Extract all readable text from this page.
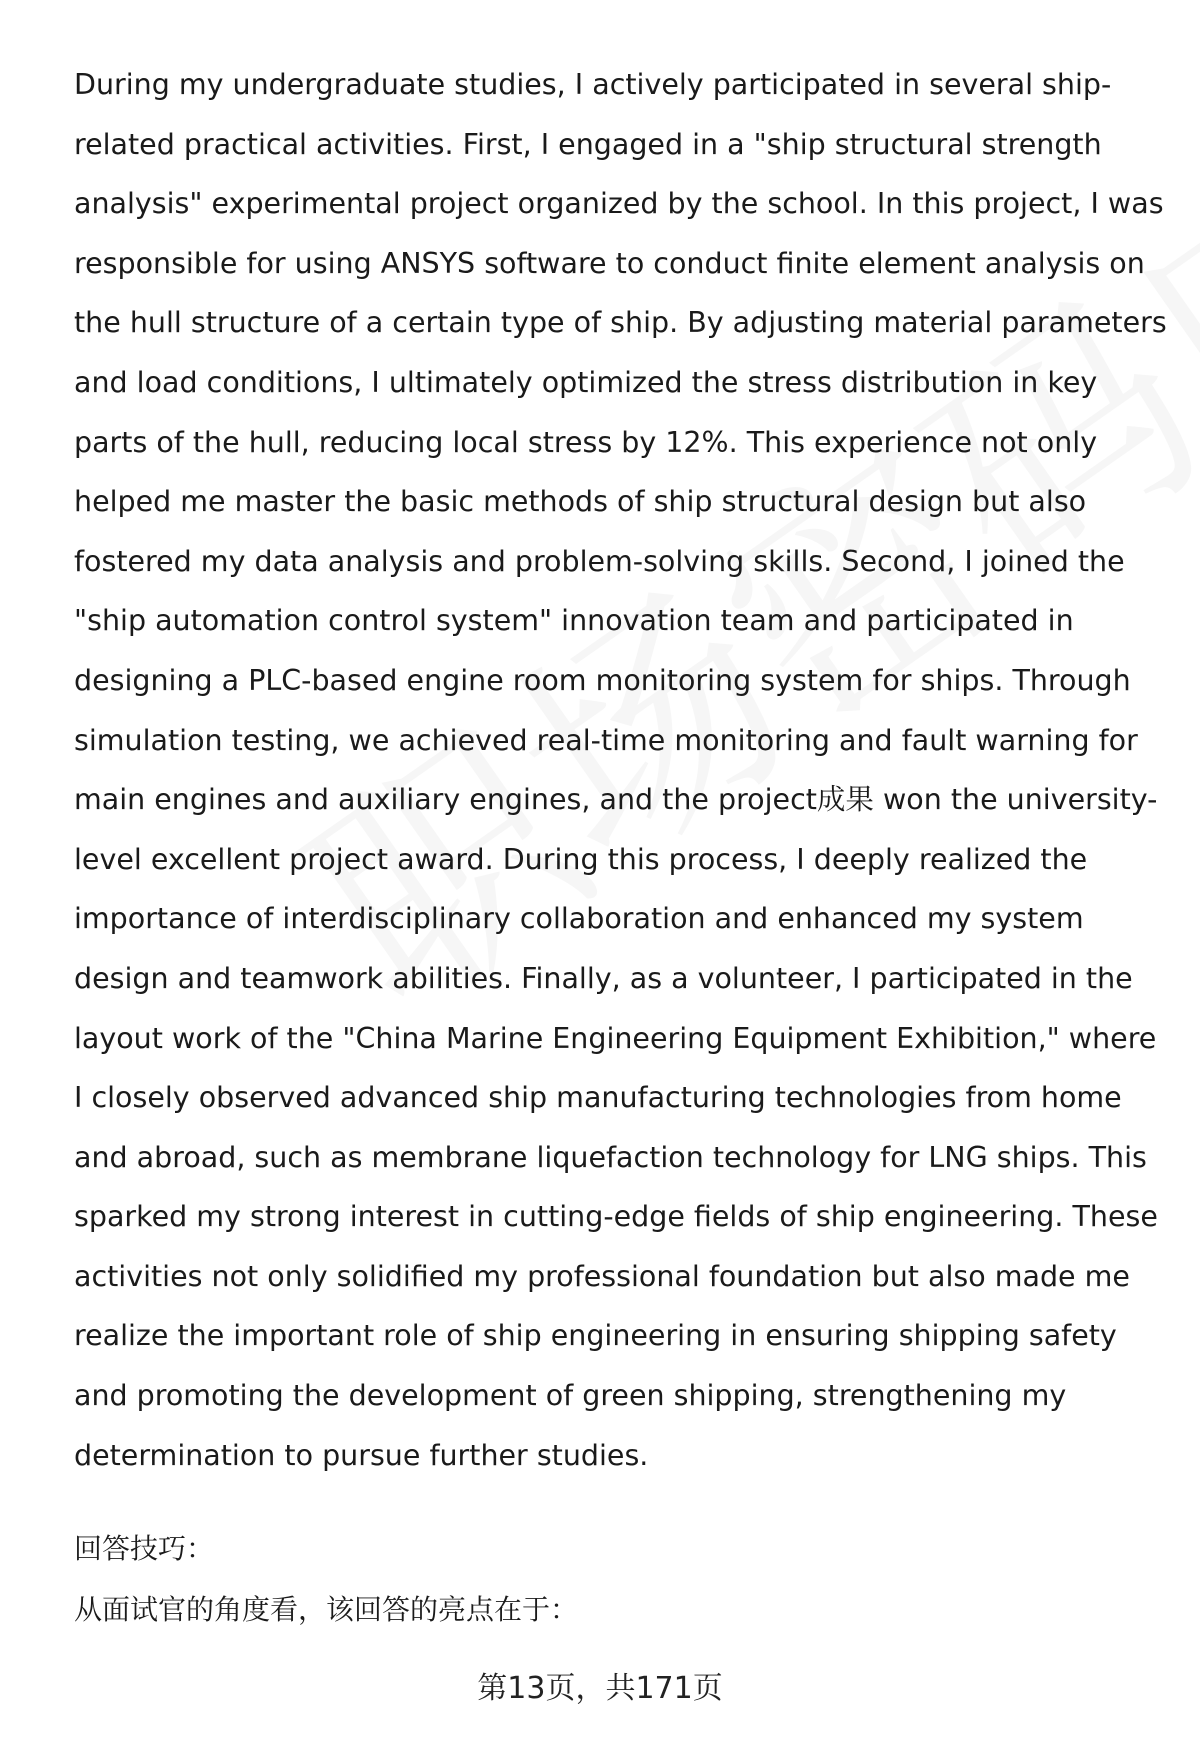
During my undergraduate studies, I actively participated in several ship-
related practical activities. First, I engaged in a "ship structural strength
analysis" experimental project organized by the school. In this project, I was
responsible for using ANSYS software to conduct finite element analysis on
the hull structure of a certain type of ship. By adjusting material parameters
and load conditions, I ultimately optimized the stress distribution in key
parts of the hull, reducing local stress by 12%. This experience not only
helped me master the basic methods of ship structural design but also
fostered my data analysis and problem-solving skills. Second, I joined the
"ship automation control system" innovation team and participated in
designing a PLC-based engine room monitoring system for ships. Through
simulation testing, we achieved real-time monitoring and fault warning for
main engines and auxiliary engines, and the project成果 won the university-
level excellent project award. During this process, I deeply realized the
importance of interdisciplinary collaboration and enhanced my system
design and teamwork abilities. Finally, as a volunteer, I participated in the
layout work of the "China Marine Engineering Equipment Exhibition," where
I closely observed advanced ship manufacturing technologies from home
and abroad, such as membrane liquefaction technology for LNG ships. This
sparked my strong interest in cutting-edge fields of ship engineering. These
activities not only solidified my professional foundation but also made me
realize the important role of ship engineering in ensuring shipping safety
and promoting the development of green shipping, strengthening my
determination to pursue further studies.
回答技巧：
从面试官的角度看，该回答的亮点在于：
第13页，共171页
